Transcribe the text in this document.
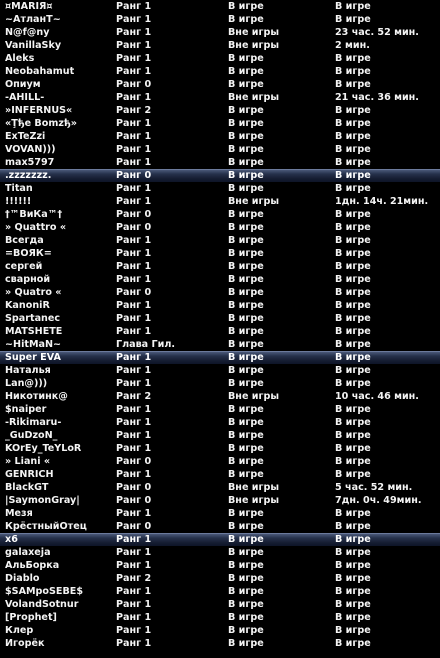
¤MARIЯ¤	Ранг 1	В игре	В игре
~АтланТ~	Ранг 1	В игре	В игре
N@f@ny	Ранг 1	Вне игры	23 час. 52 мин.
VanillaSky	Ранг 1	Вне игры	2 мин.
Aleks	Ранг 1	В игре	В игре
Neobahamut	Ранг 1	В игре	В игре
Опиум	Ранг 0	В игре	В игре
-AHILL-	Ранг 1	Вне игры	21 час. 36 мин.
»INFERNUS«	Ранг 2	В игре	В игре
«Ţђe Bomzђ»	Ранг 1	В игре	В игре
ExTeZzi	Ранг 1	В игре	В игре
VOVAN)))	Ранг 1	В игре	В игре
max5797	Ранг 1	В игре	В игре
.zzzzzzz.	Ранг 0	В игре	В игре
Titan	Ранг 1	В игре	В игре
!!!!!!	Ранг 1	Вне игры	1дн. 14ч. 21мин.
†™ВиКа™†	Ранг 0	В игре	В игре
» Quattro «	Ранг 0	В игре	В игре
Всегда	Ранг 1	В игре	В игре
=ВОЯК=	Ранг 1	В игре	В игре
сергей	Ранг 1	В игре	В игре
сварной	Ранг 1	В игре	В игре
» Quatro «	Ранг 0	В игре	В игре
KanoniR	Ранг 1	В игре	В игре
Spartanec	Ранг 1	В игре	В игре
MATSHETE	Ранг 1	В игре	В игре
~HitMaN~	Глава Гил.	В игре	В игре
Super EVA	Ранг 1	В игре	В игре
Наталья	Ранг 1	В игре	В игре
Lan@)))	Ранг 1	В игре	В игре
Никотинк@	Ранг 2	Вне игры	10 час. 46 мин.
$naiper	Ранг 1	В игре	В игре
-Rikimaru-	Ранг 1	В игре	В игре
_GuDzoN_	Ранг 1	В игре	В игре
KOrEy_TeYLoR	Ранг 1	В игре	В игре
» Liani «	Ранг 0	В игре	В игре
GENRICH	Ранг 1	В игре	В игре
BlackGT	Ранг 0	Вне игры	5 час. 52 мин.
|SaymonGray|	Ранг 0	Вне игры	7дн. 0ч. 49мин.
Мезя	Ранг 1	В игре	В игре
КрёстныйОтец	Ранг 0	В игре	В игре
x6	Ранг 1	В игре	В игре
galaxeja	Ранг 1	В игре	В игре
АльБорка	Ранг 1	В игре	В игре
Diablo	Ранг 2	В игре	В игре
$SAMpoSEBE$	Ранг 1	В игре	В игре
VolandSotnur	Ранг 1	В игре	В игре
[Prophet]	Ранг 1	В игре	В игре
Клер	Ранг 1	В игре	В игре
Игорёк	Ранг 1	В игре	В игре
